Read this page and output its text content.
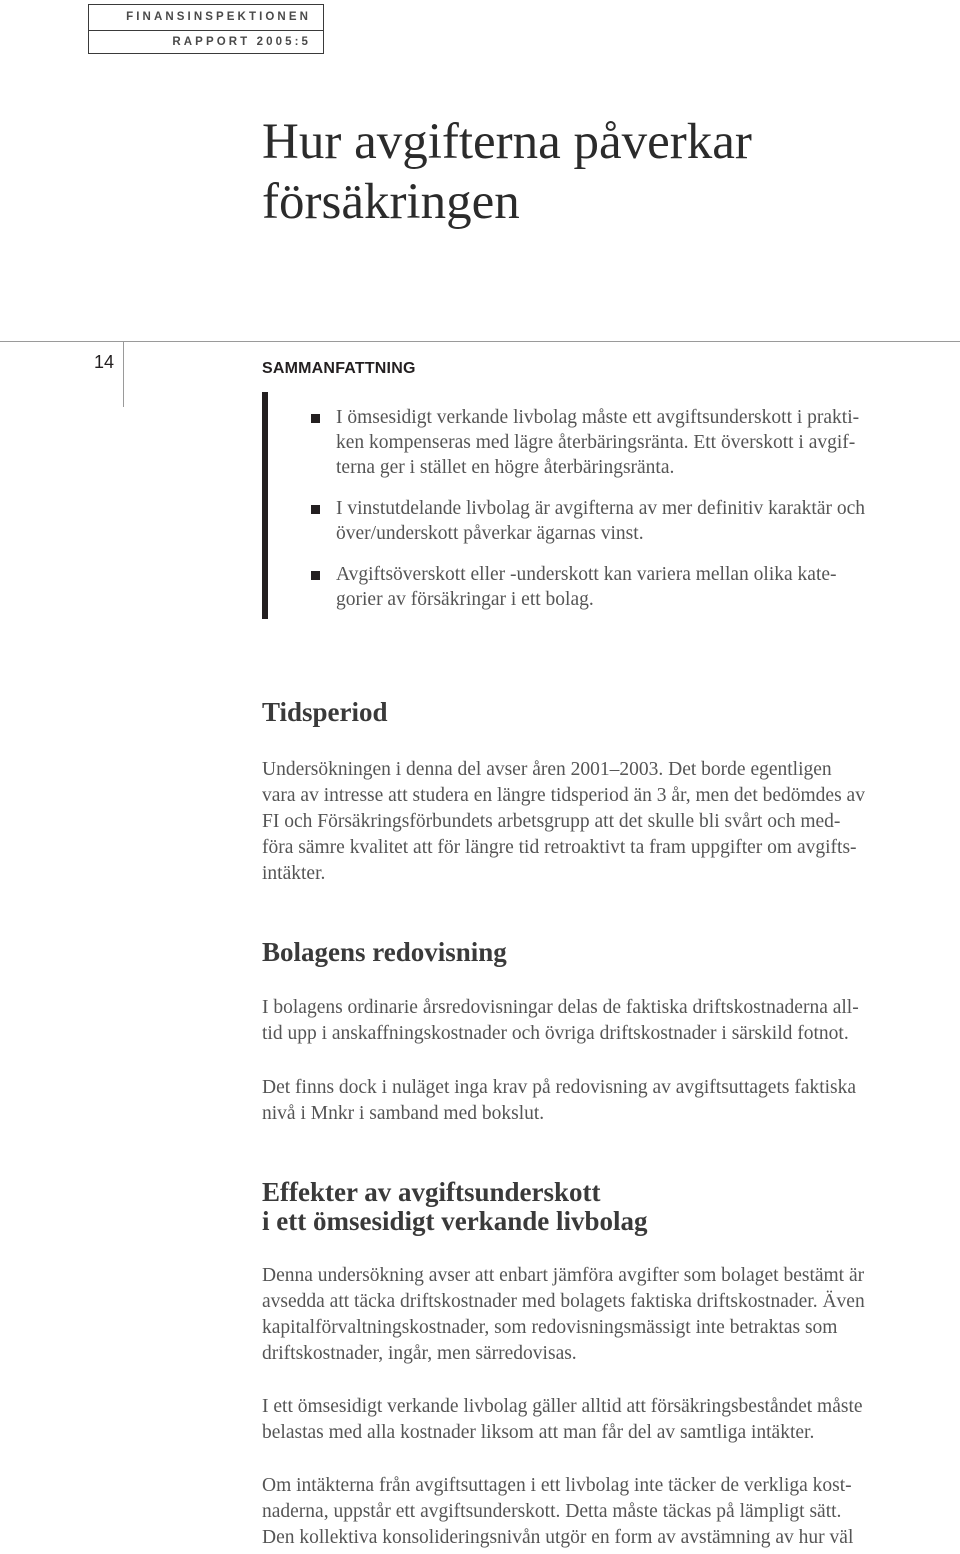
FINANSINSPEKTIONEN
RAPPORT 2005:5
Hur avgifterna påverkar
försäkringen
14	SAMMANFATTNING
I ömsesidigt verkande livbolag måste ett avgiftsunderskott i prakti-
ken kompenseras med lägre återbäringsränta. Ett överskott i avgif-
terna ger i stället en högre återbäringsränta.
I vinstutdelande livbolag är avgifterna av mer definitiv karaktär och
över/underskott påverkar ägarnas vinst.
Avgiftsöverskott eller -underskott kan variera mellan olika kate-
gorier av försäkringar i ett bolag.
Tidsperiod

Undersökningen i denna del avser åren 2001–2003. Det borde egentligen
vara av intresse att studera en längre tidsperiod än 3 år, men det bedömdes av
FI och Försäkringsförbundets arbetsgrupp att det skulle bli svårt och med-
föra sämre kvalitet att för längre tid retroaktivt ta fram uppgifter om avgifts-
intäkter.

Bolagens redovisning

I bolagens ordinarie årsredovisningar delas de faktiska driftskostnaderna all-
tid upp i anskaffningskostnader och övriga driftskostnader i särskild fotnot.

Det finns dock i nuläget inga krav på redovisning av avgiftsuttagets faktiska
nivå i Mnkr i samband med bokslut.

Effekter av avgiftsunderskott
i ett ömsesidigt verkande livbolag

Denna undersökning avser att enbart jämföra avgifter som bolaget bestämt är
avsedda att täcka driftskostnader med bolagets faktiska driftskostnader. Även
kapitalförvaltningskostnader, som redovisningsmässigt inte betraktas som
driftskostnader, ingår, men särredovisas.

I ett ömsesidigt verkande livbolag gäller alltid att försäkringsbeståndet måste
belastas med alla kostnader liksom att man får del av samtliga intäkter.

Om intäkterna från avgiftsuttagen i ett livbolag inte täcker de verkliga kost-
naderna, uppstår ett avgiftsunderskott. Detta måste täckas på lämpligt sätt.
Den kollektiva konsolideringsnivån utgör en form av avstämning av hur väl
